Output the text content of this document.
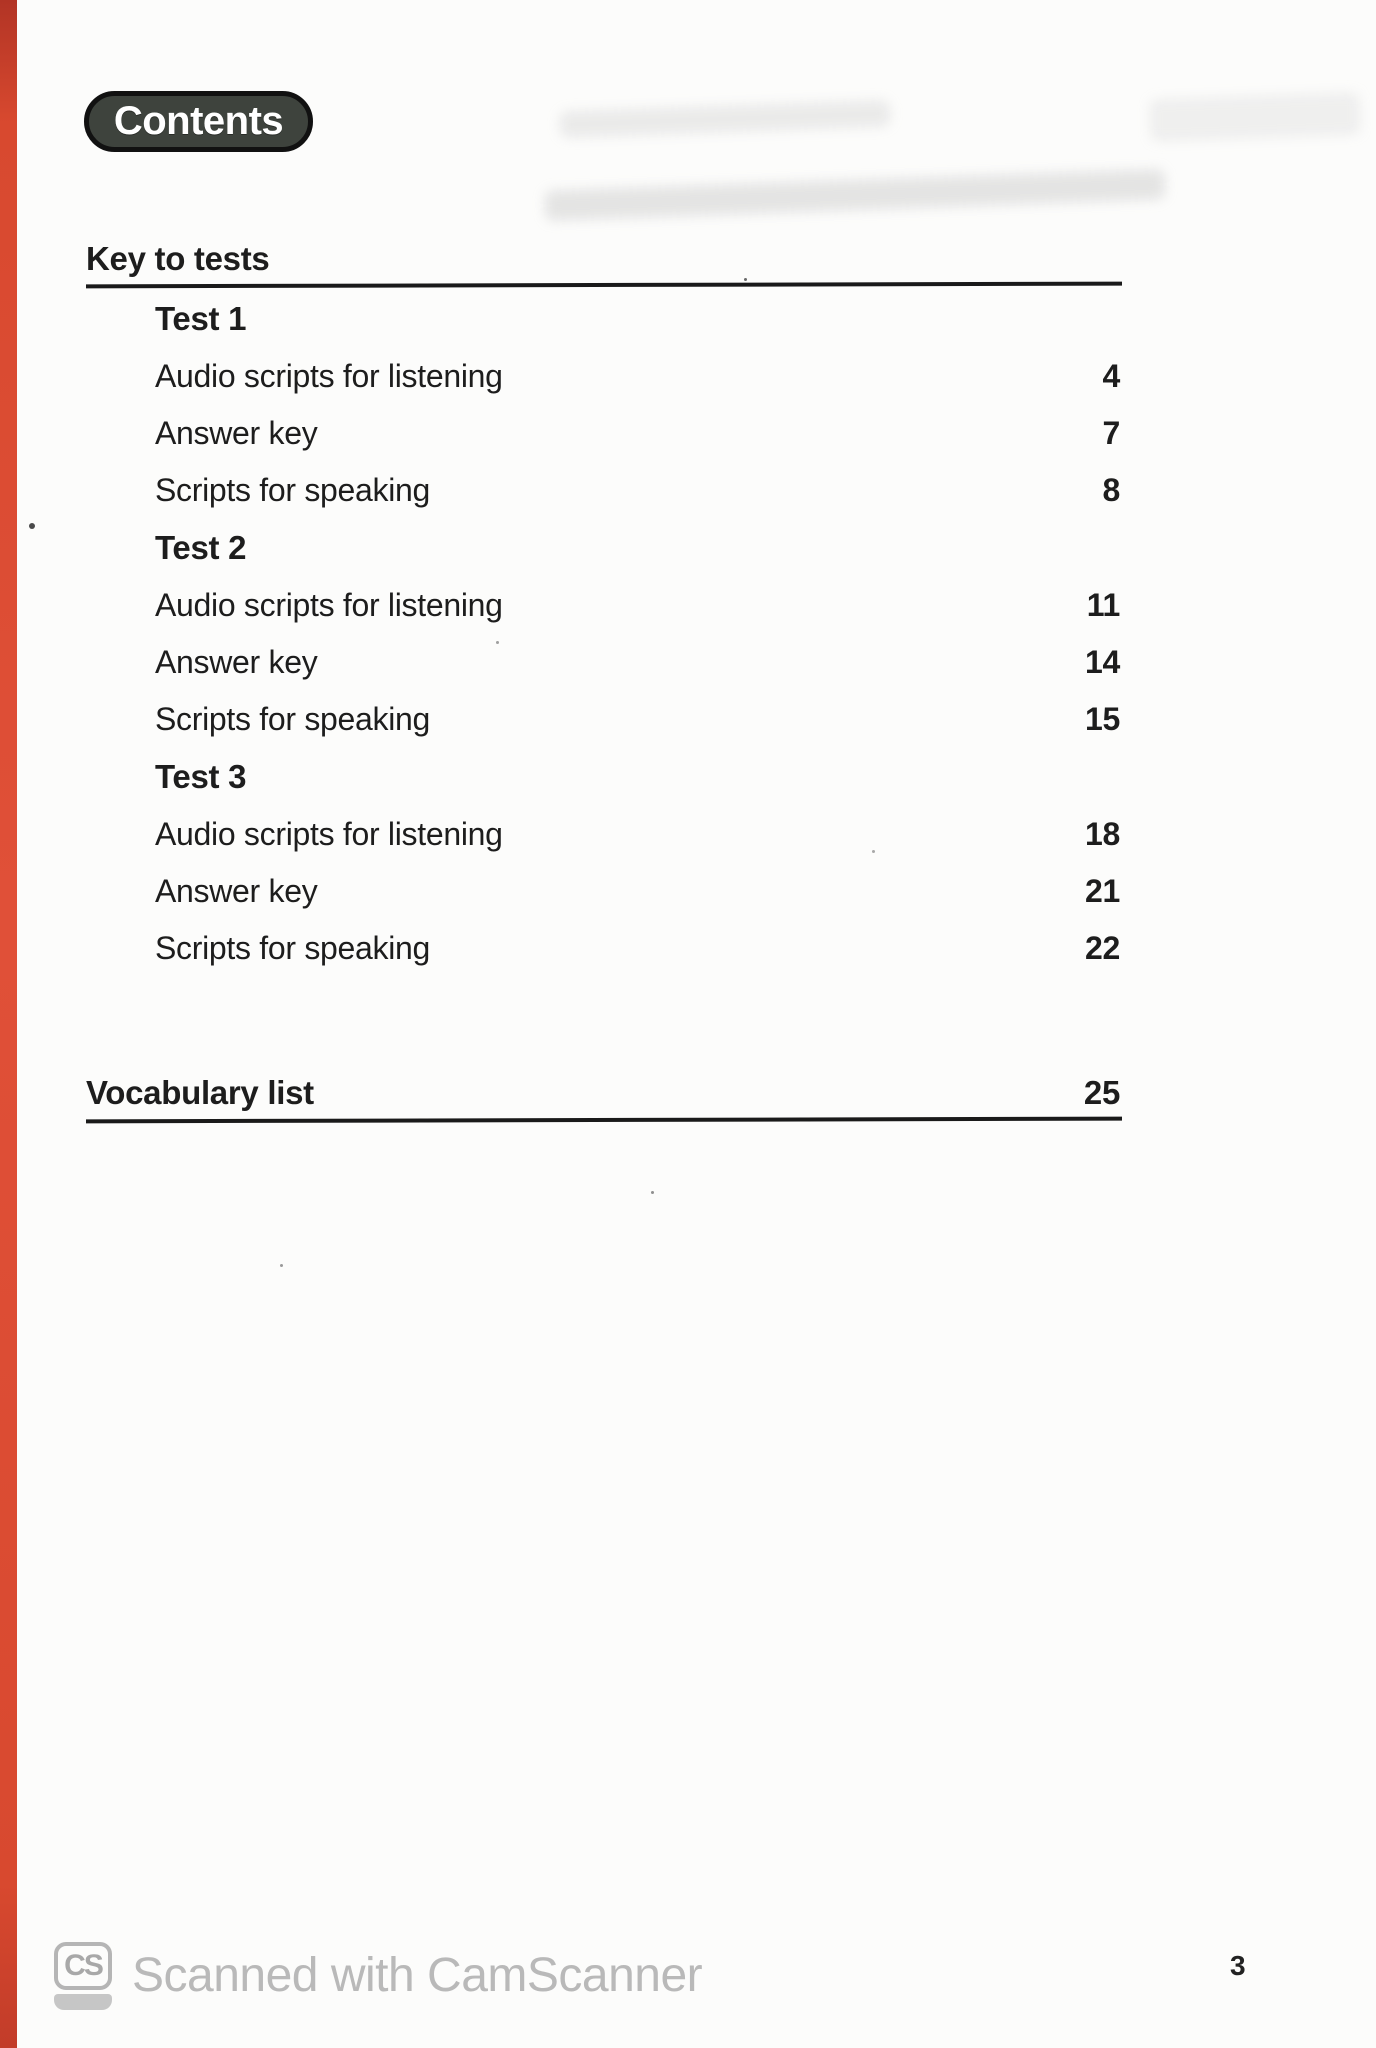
Contents
Key to tests
Test 1
Audio scripts for listening	4
Answer key	7
Scripts for speaking	8
Test 2
Audio scripts for listening	11
Answer key	14
Scripts for speaking	15
Test 3
Audio scripts for listening	18
Answer key	21
Scripts for speaking	22
Vocabulary list	25
CS Scanned with CamScanner	3
